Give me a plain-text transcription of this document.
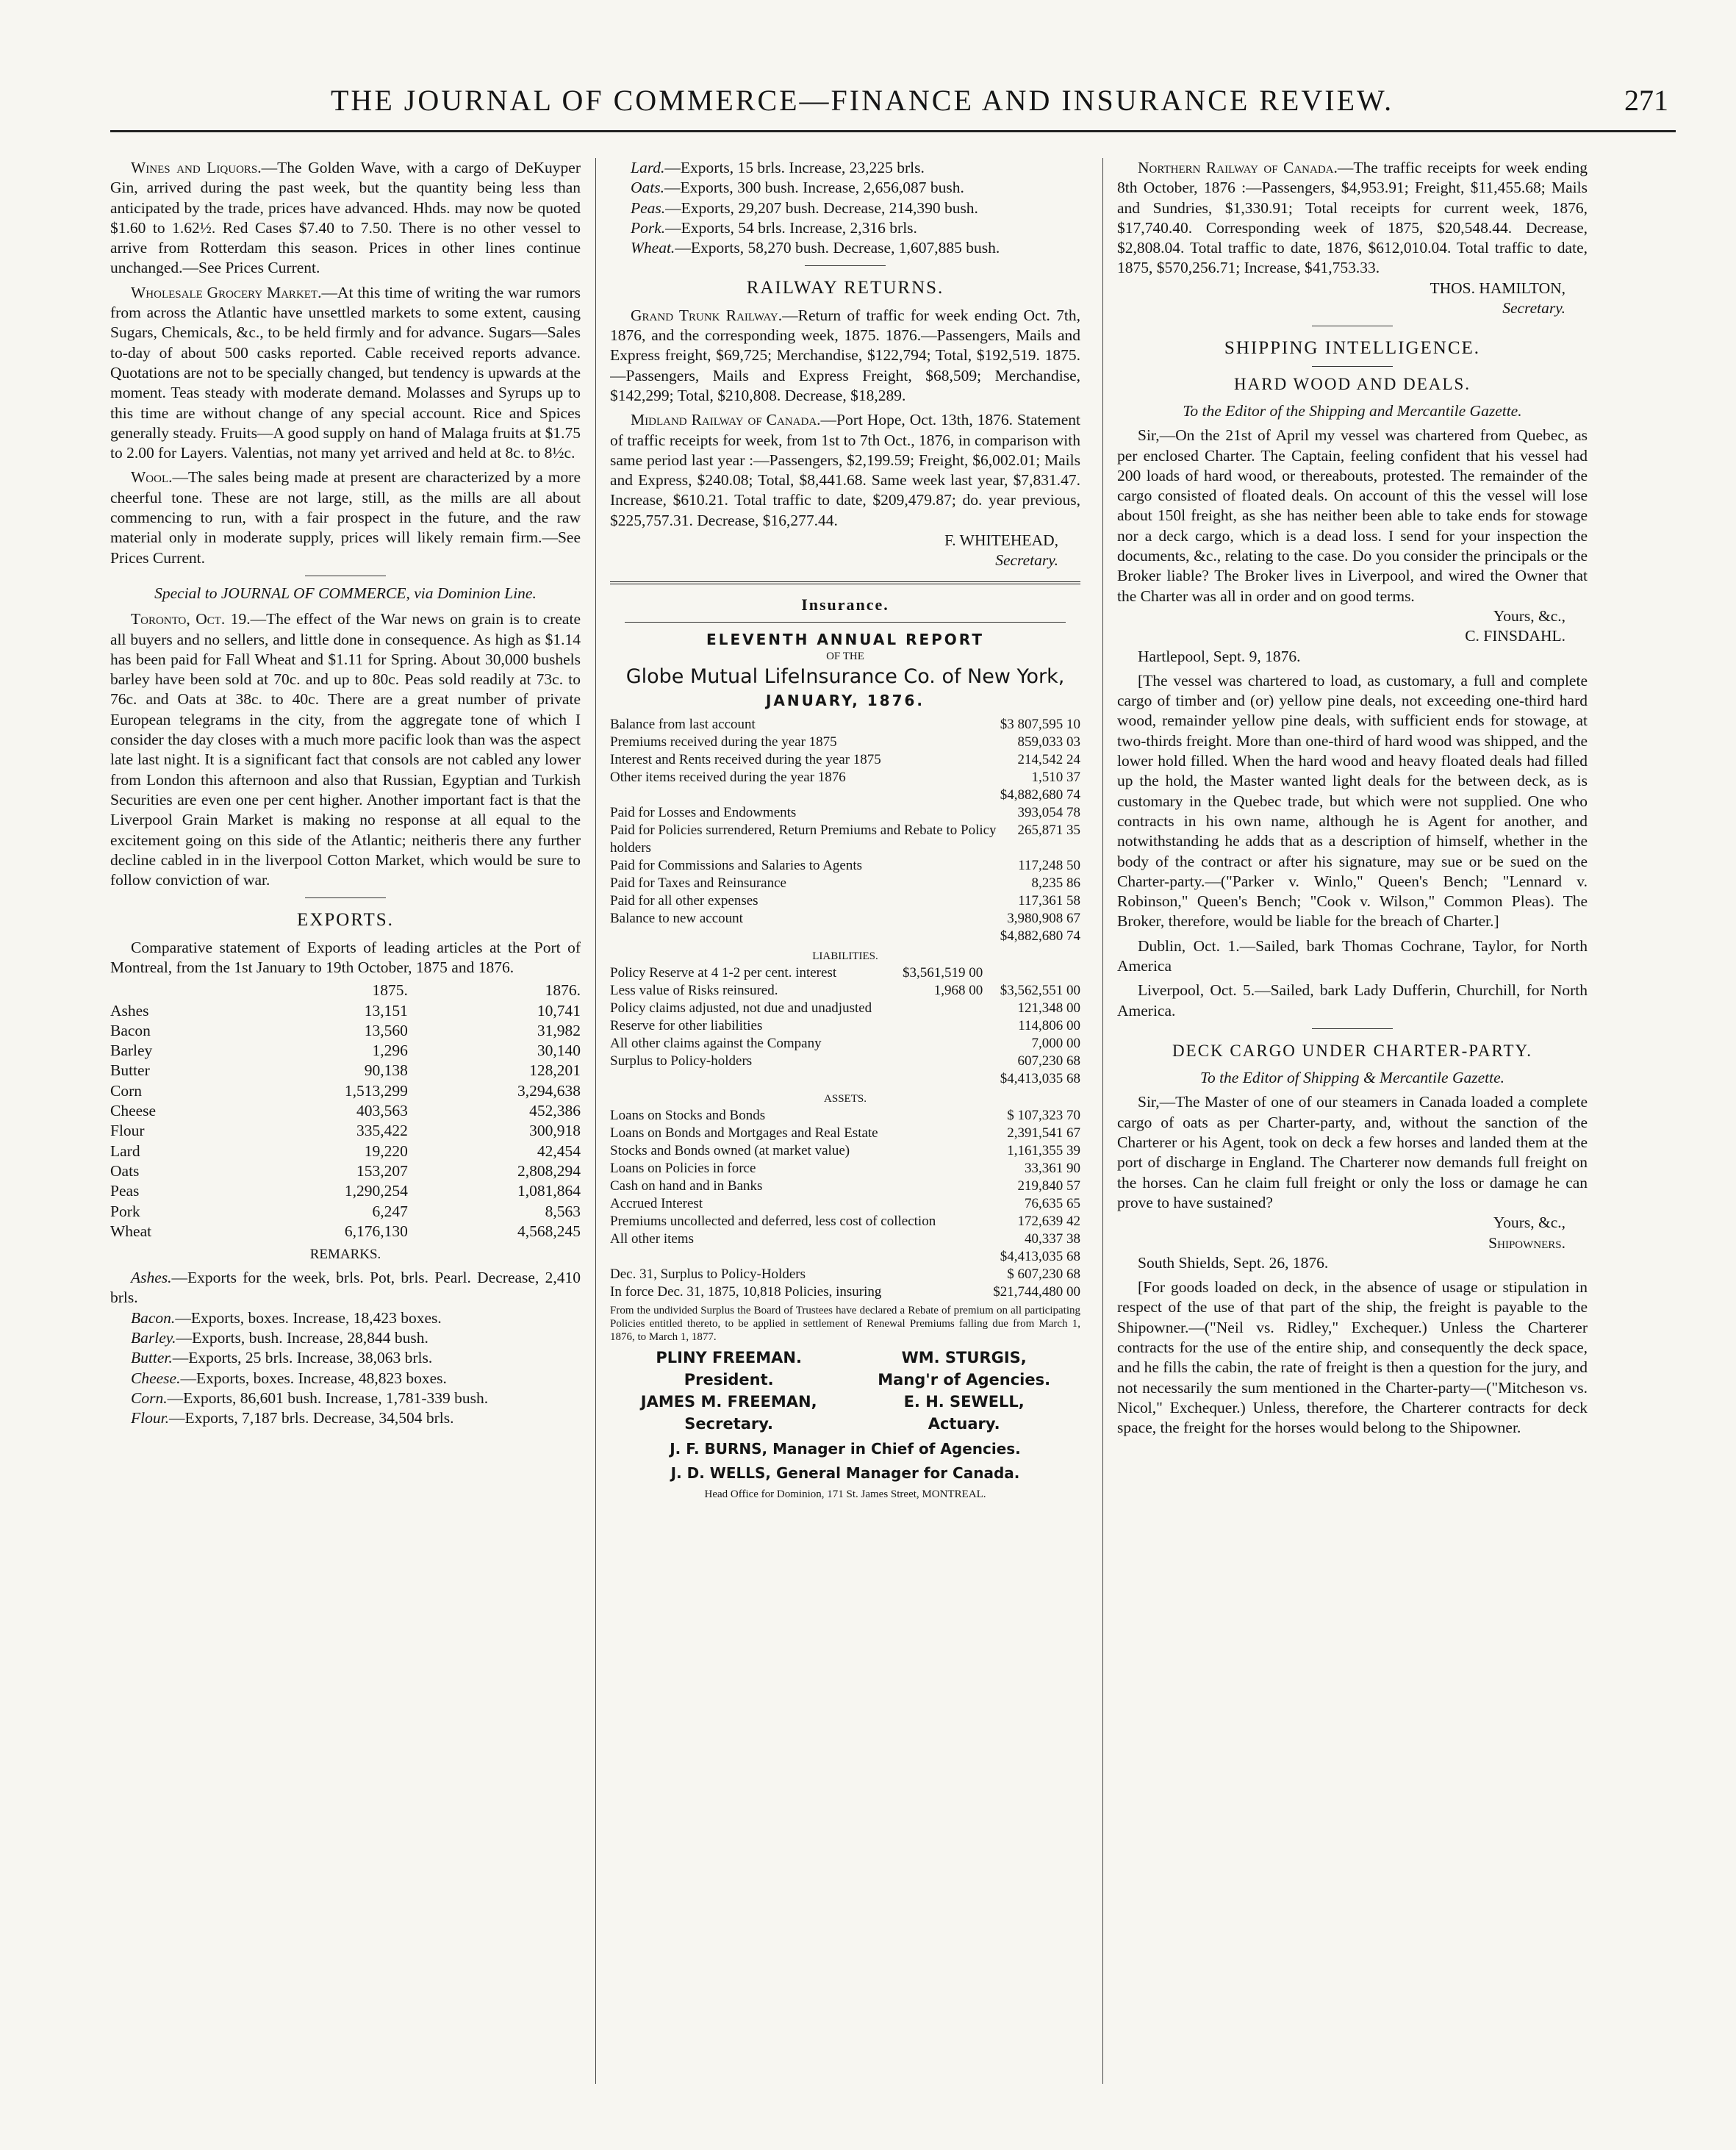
THE JOURNAL OF COMMERCE—FINANCE AND INSURANCE REVIEW.	271

Wines and Liquors.—The Golden Wave, with a cargo of DeKuyper Gin, arrived during the past week, but the quantity being less than anticipated by the trade, prices have advanced. Hhds. may now be quoted $1.60 to 1.62½. Red Cases $7.40 to 7.50. There is no other vessel to arrive from Rotterdam this season. Prices in other lines continue unchanged.—See Prices Current.

Wholesale Grocery Market.—At this time of writing the war rumors from across the Atlantic have unsettled markets to some extent, causing Sugars, Chemicals, &c., to be held firmly and for advance. Sugars—Sales to-day of about 500 casks reported. Cable received reports advance. Quotations are not to be specially changed, but tendency is upwards at the moment. Teas steady with moderate demand. Molasses and Syrups up to this time are without change of any special account. Rice and Spices generally steady. Fruits—A good supply on hand of Malaga fruits at $1.75 to 2.00 for Layers. Valentias, not many yet arrived and held at 8c. to 8½c.

Wool.—The sales being made at present are characterized by a more cheerful tone. These are not large, still, as the mills are all about commencing to run, with a fair prospect in the future, and the raw material only in moderate supply, prices will likely remain firm.—See Prices Current.

Special to JOURNAL OF COMMERCE, via Dominion Line.

Toronto, Oct. 19.—The effect of the War news on grain is to create all buyers and no sellers, and little done in consequence. As high as $1.14 has been paid for Fall Wheat and $1.11 for Spring. About 30,000 bushels barley have been sold at 70c. and up to 80c. Peas sold readily at 73c. to 76c. and Oats at 38c. to 40c. There are a great number of private European telegrams in the city, from the aggregate tone of which I consider the day closes with a much more pacific look than was the aspect late last night. It is a significant fact that consols are not cabled any lower from London this afternoon and also that Russian, Egyptian and Turkish Securities are even one per cent higher. Another important fact is that the Liverpool Grain Market is making no response at all equal to the excitement going on this side of the Atlantic; neitheris there any further decline cabled in in the liverpool Cotton Market, which would be sure to follow conviction of war.

EXPORTS.

Comparative statement of Exports of leading articles at the Port of Montreal, from the 1st January to 19th October, 1875 and 1876.

	1875.	1876.
Ashes	13,151	10,741
Bacon	13,560	31,982
Barley	1,296	30,140
Butter	90,138	128,201
Corn	1,513,299	3,294,638
Cheese	403,563	452,386
Flour	335,422	300,918
Lard	19,220	42,454
Oats	153,207	2,808,294
Peas	1,290,254	1,081,864
Pork	6,247	8,563
Wheat	6,176,130	4,568,245
REMARKS.

Ashes.—Exports for the week, brls. Pot, brls. Pearl. Decrease, 2,410 brls.

Bacon.—Exports, boxes. Increase, 18,423 boxes.

Barley.—Exports, bush. Increase, 28,844 bush.

Butter.—Exports, 25 brls. Increase, 38,063 brls.

Cheese.—Exports, boxes. Increase, 48,823 boxes.

Corn.—Exports, 86,601 bush. Increase, 1,781-339 bush.

Flour.—Exports, 7,187 brls. Decrease, 34,504 brls.

Lard.—Exports, 15 brls. Increase, 23,225 brls.

Oats.—Exports, 300 bush. Increase, 2,656,087 bush.

Peas.—Exports, 29,207 bush. Decrease, 214,390 bush.

Pork.—Exports, 54 brls. Increase, 2,316 brls.

Wheat.—Exports, 58,270 bush. Decrease, 1,607,885 bush.

RAILWAY RETURNS.

Grand Trunk Railway.—Return of traffic for week ending Oct. 7th, 1876, and the corresponding week, 1875. 1876.—Passengers, Mails and Express freight, $69,725; Merchandise, $122,794; Total, $192,519. 1875.—Passengers, Mails and Express Freight, $68,509; Merchandise, $142,299; Total, $210,808. Decrease, $18,289.

Midland Railway of Canada.—Port Hope, Oct. 13th, 1876. Statement of traffic receipts for week, from 1st to 7th Oct., 1876, in comparison with same period last year :—Passengers, $2,199.59; Freight, $6,002.01; Mails and Express, $240.08; Total, $8,441.68. Same week last year, $7,831.47. Increase, $610.21. Total traffic to date, $209,479.87; do. year previous, $225,757.31. Decrease, $16,277.44.

F. WHITEHEAD,

Secretary.

Insurance.
ELEVENTH ANNUAL REPORT
OF THE
Globe Mutual LifeInsurance Co. of New York,
JANUARY, 1876.
Balance from last account	$3 807,595 10
Premiums received during the year 1875	859,033 03
Interest and Rents received during the year 1875	214,542 24
Other items received during the year 1876	1,510 37
$4,882,680 74
Paid for Losses and Endowments	393,054 78
Paid for Policies surrendered, Return Premiums and Rebate to Policy holders	265,871 35
Paid for Commissions and Salaries to Agents	117,248 50
Paid for Taxes and Reinsurance	8,235 86
Paid for all other expenses	117,361 58
Balance to new account	3,980,908 67
$4,882,680 74
LIABILITIES.
Policy Reserve at 4 1-2 per cent. interest	$3,561,519 00	
Less value of Risks reinsured.	1,968 00	$3,562,551 00
Policy claims adjusted, not due and unadjusted	121,348 00
Reserve for other liabilities	114,806 00
All other claims against the Company	7,000 00
Surplus to Policy-holders	607,230 68
$4,413,035 68
ASSETS.
Loans on Stocks and Bonds	$ 107,323 70
Loans on Bonds and Mortgages and Real Estate	2,391,541 67
Stocks and Bonds owned (at market value)	1,161,355 39
Loans on Policies in force	33,361 90
Cash on hand and in Banks	219,840 57
Accrued Interest	76,635 65
Premiums uncollected and deferred, less cost of collection	172,639 42
All other items	40,337 38
$4,413,035 68
Dec. 31, Surplus to Policy-Holders	$ 607,230 68
In force Dec. 31, 1875, 10,818 Policies, insuring	$21,744,480 00

From the undivided Surplus the Board of Trustees have declared a Rebate of premium on all participating Policies entitled thereto, to be applied in settlement of Renewal Premiums falling due from March 1, 1876, to March 1, 1877.

PLINY FREEMAN.	WM. STURGIS,
President.	Mang'r of Agencies.
JAMES M. FREEMAN,	E. H. SEWELL,
Secretary.	Actuary.

J. F. BURNS, Manager in Chief of Agencies.

J. D. WELLS, General Manager for Canada.

Head Office for Dominion, 171 St. James Street, MONTREAL.

Northern Railway of Canada.—The traffic receipts for week ending 8th October, 1876 :—Passengers, $4,953.91; Freight, $11,455.68; Mails and Sundries, $1,330.91; Total receipts for current week, 1876, $17,740.40. Corresponding week of 1875, $20,548.44. Decrease, $2,808.04. Total traffic to date, 1876, $612,010.04. Total traffic to date, 1875, $570,256.71; Increase, $41,753.33.

THOS. HAMILTON,

Secretary.

SHIPPING INTELLIGENCE.
HARD WOOD AND DEALS.

To the Editor of the Shipping and Mercantile Gazette.

Sir,—On the 21st of April my vessel was chartered from Quebec, as per enclosed Charter. The Captain, feeling confident that his vessel had 200 loads of hard wood, or thereabouts, protested. The remainder of the cargo consisted of floated deals. On account of this the vessel will lose about 150l freight, as she has neither been able to take ends for stowage nor a deck cargo, which is a dead loss. I send for your inspection the documents, &c., relating to the case. Do you consider the principals or the Broker liable? The Broker lives in Liverpool, and wired the Owner that the Charter was all in order and on good terms.

Yours, &c.,

C. FINSDAHL.

Hartlepool, Sept. 9, 1876.

[The vessel was chartered to load, as customary, a full and complete cargo of timber and (or) yellow pine deals, not exceeding one-third hard wood, remainder yellow pine deals, with sufficient ends for stowage, at two-thirds freight. More than one-third of hard wood was shipped, and the lower hold filled. When the hard wood and heavy floated deals had filled up the hold, the Master wanted light deals for the between deck, as is customary in the Quebec trade, but which were not supplied. One who contracts in his own name, although he is Agent for another, and notwithstanding he adds that as a description of himself, whether in the body of the contract or after his signature, may sue or be sued on the Charter-party.—("Parker v. Winlo," Queen's Bench; "Lennard v. Robinson," Queen's Bench; "Cook v. Wilson," Common Pleas). The Broker, therefore, would be liable for the breach of Charter.]

Dublin, Oct. 1.—Sailed, bark Thomas Cochrane, Taylor, for North America

Liverpool, Oct. 5.—Sailed, bark Lady Dufferin, Churchill, for North America.

DECK CARGO UNDER CHARTER-PARTY.

To the Editor of Shipping & Mercantile Gazette.

Sir,—The Master of one of our steamers in Canada loaded a complete cargo of oats as per Charter-party, and, without the sanction of the Charterer or his Agent, took on deck a few horses and landed them at the port of discharge in England. The Charterer now demands full freight on the horses. Can he claim full freight or only the loss or damage he can prove to have sustained?

Yours, &c.,

Shipowners.

South Shields, Sept. 26, 1876.

[For goods loaded on deck, in the absence of usage or stipulation in respect of the use of that part of the ship, the freight is payable to the Shipowner.—("Neil vs. Ridley," Exchequer.) Unless the Charterer contracts for the use of the entire ship, and consequently the deck space, and he fills the cabin, the rate of freight is then a question for the jury, and not necessarily the sum mentioned in the Charter-party—("Mitcheson vs. Nicol," Exchequer.) Unless, therefore, the Charterer contracts for deck space, the freight for the horses would belong to the Shipowner.
